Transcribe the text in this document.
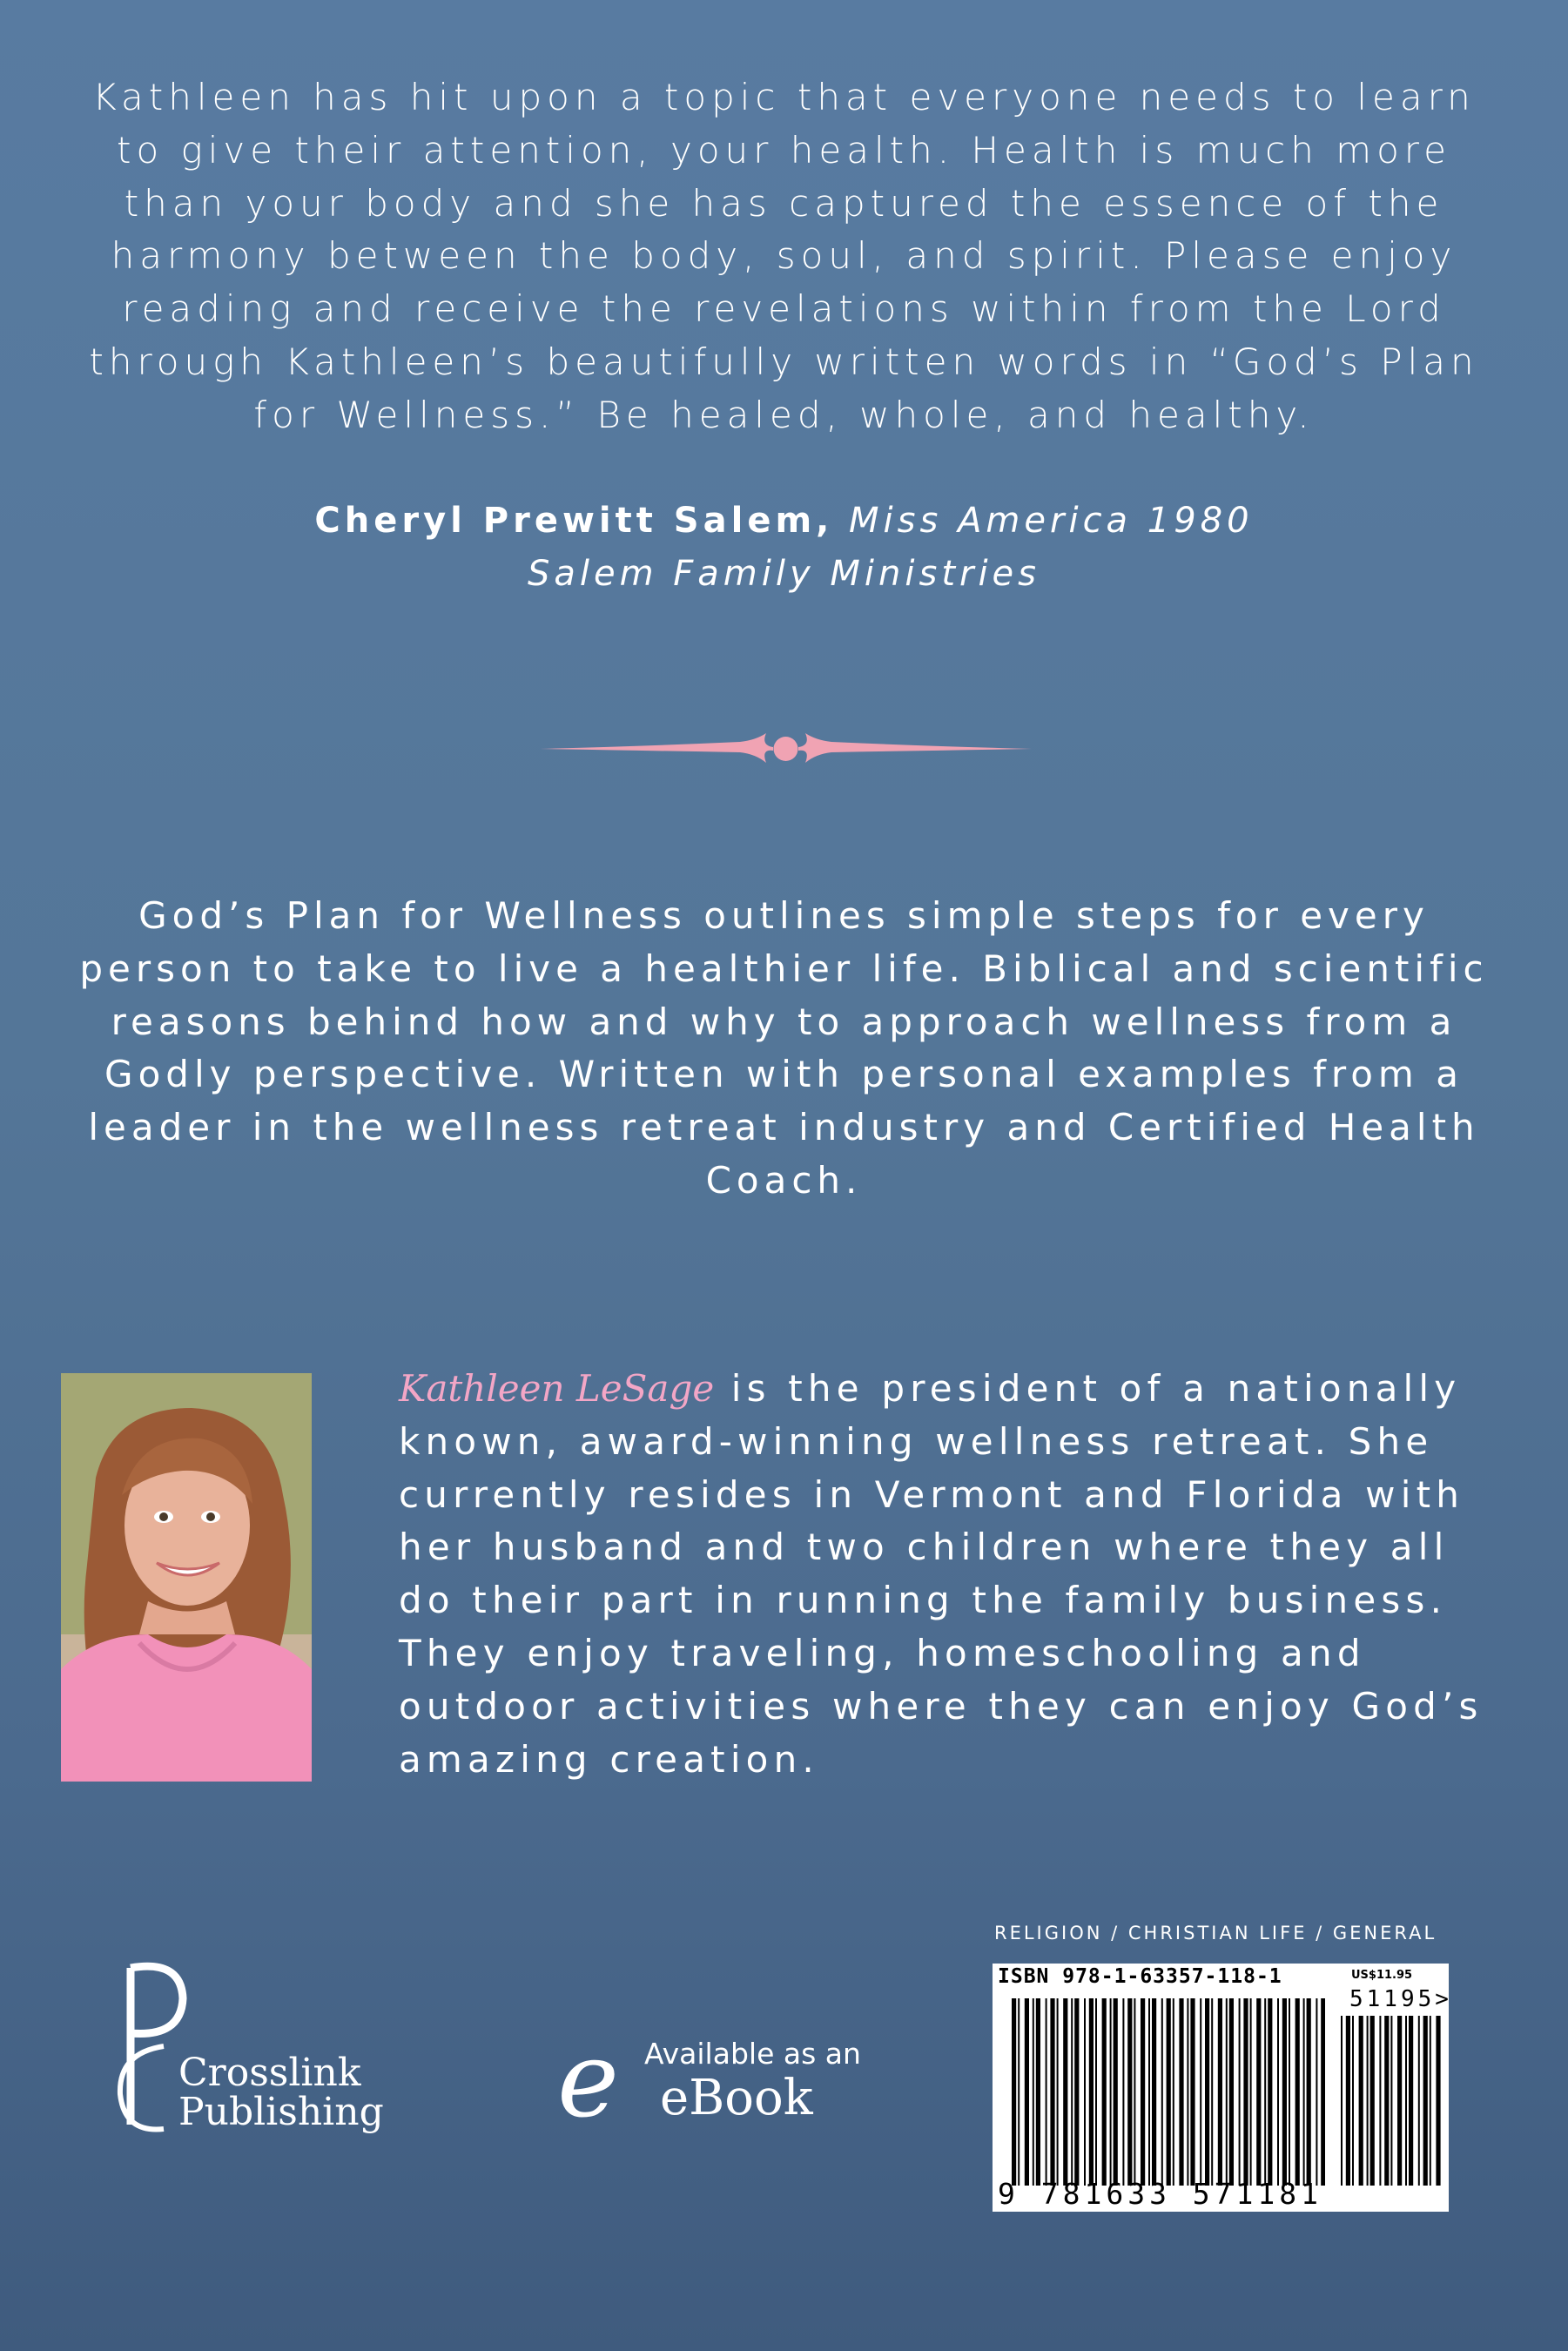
Kathleen has hit upon a topic that everyone needs to learn to give their attention, your health. Health is much more than your body and she has captured the essence of the harmony between the body, soul, and spirit. Please enjoy reading and receive the revelations within from the Lord through Kathleen’s beautifully written words in “God’s Plan for Wellness.” Be healed, whole, and healthy.
Cheryl Prewitt Salem, Miss America 1980
Salem Family Ministries
God’s Plan for Wellness outlines simple steps for every person to take to live a healthier life. Biblical and scientific reasons behind how and why to approach wellness from a Godly perspective. Written with personal examples from a leader in the wellness retreat industry and Certified Health Coach.
Kathleen LeSage is the president of a nationally known, award-winning wellness retreat. She currently resides in Vermont and Florida with her husband and two children where they all do their part in running the family business. They enjoy traveling, homeschooling and outdoor activities where they can enjoy God’s amazing creation.
Crosslink
Publishing e Available as an
eBook
RELIGION / CHRISTIAN LIFE / GENERAL
ISBN 978-1-63357-118-1	US$11.95
51195>
9 781633 571181
